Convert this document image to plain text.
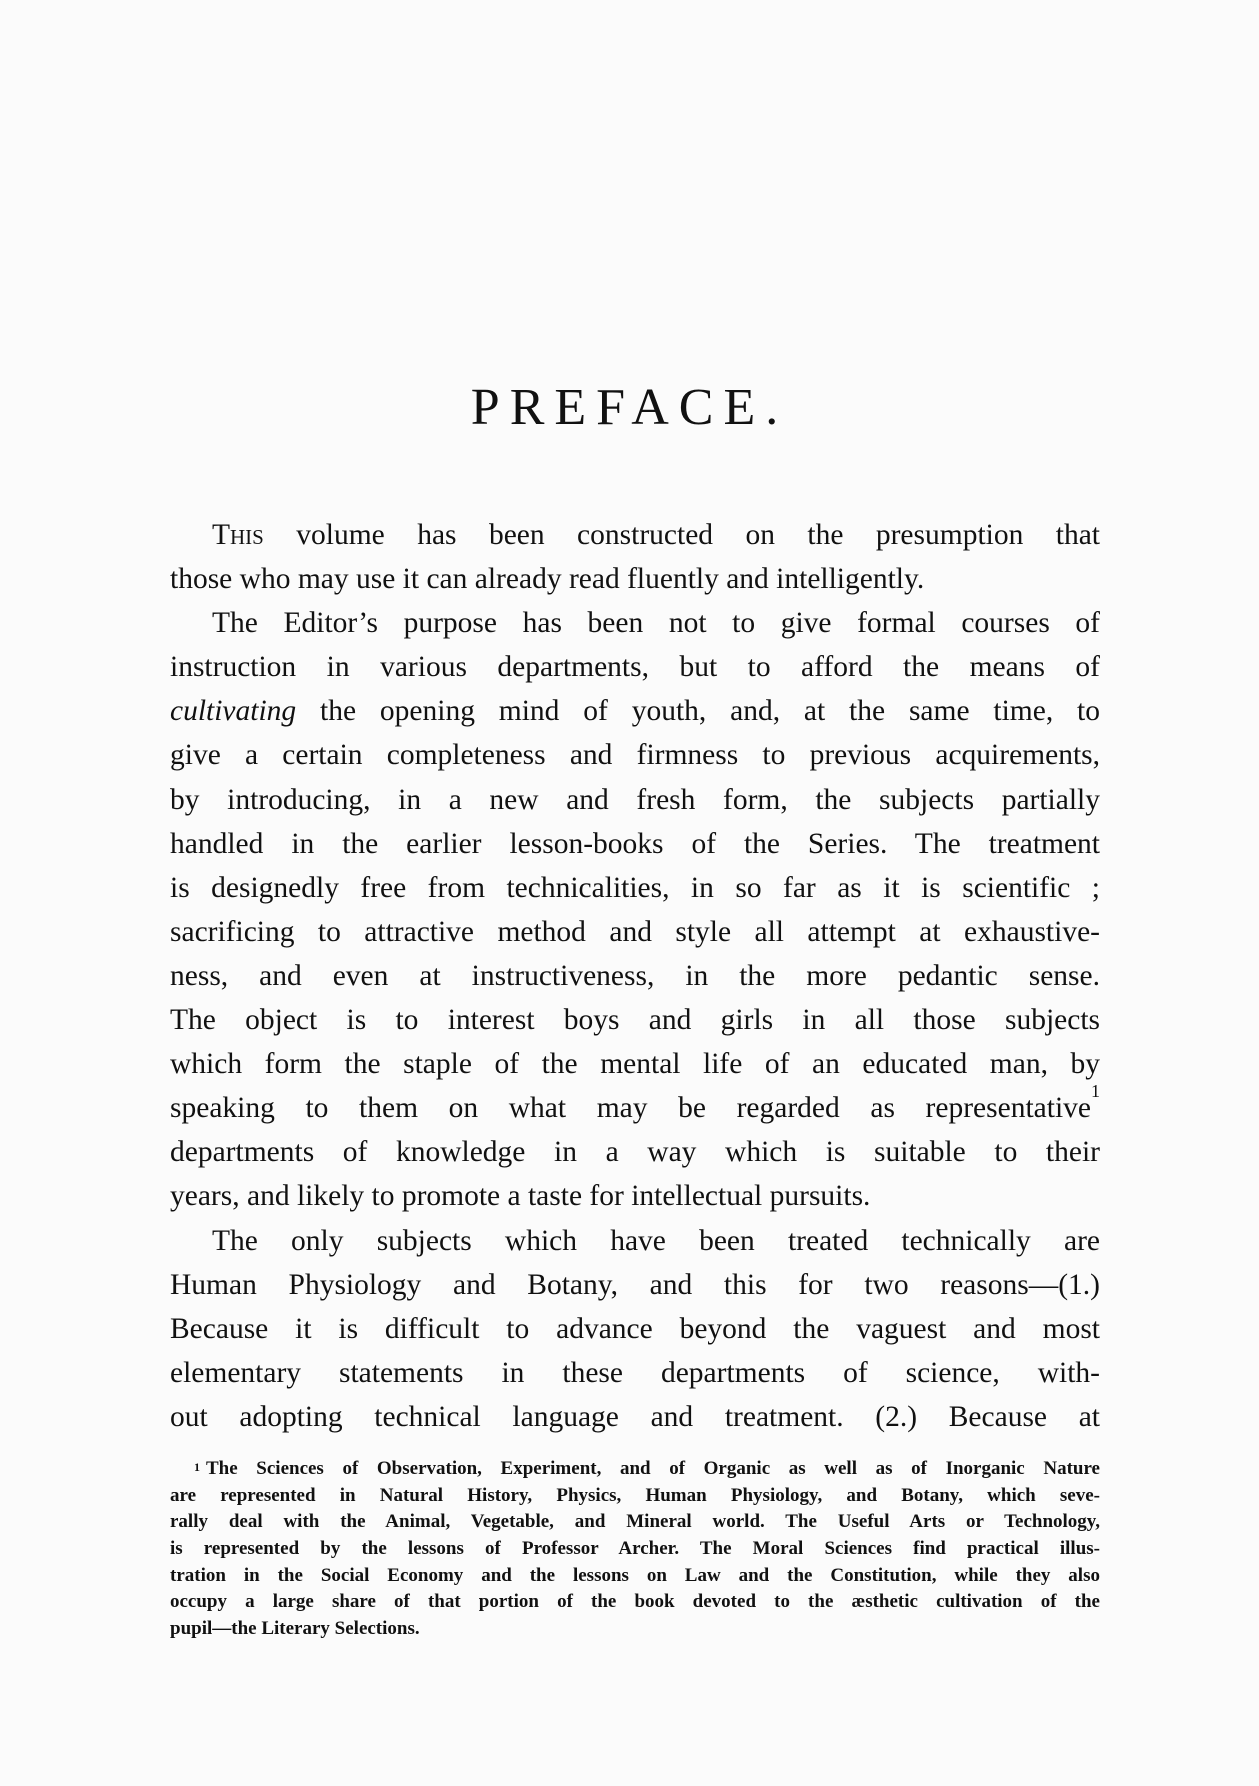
PREFACE.
This volume has been constructed on the presumption that
those who may use it can already read fluently and intelligently.
The Editor’s purpose has been not to give formal courses of
instruction in various departments, but to afford the means of
cultivating the opening mind of youth, and, at the same time, to
give a certain completeness and firmness to previous acquirements,
by introducing, in a new and fresh form, the subjects partially
handled in the earlier lesson-books of the Series. The treatment
is designedly free from technicalities, in so far as it is scientific ;
sacrificing to attractive method and style all attempt at exhaustive-
ness, and even at instructiveness, in the more pedantic sense.
The object is to interest boys and girls in all those subjects
which form the staple of the mental life of an educated man, by
speaking to them on what may be regarded as representative$^1$
departments of knowledge in a way which is suitable to their
years, and likely to promote a taste for intellectual pursuits.
The only subjects which have been treated technically are
Human Physiology and Botany, and this for two reasons—(1.)
Because it is difficult to advance beyond the vaguest and most
elementary statements in these departments of science, with-
out adopting technical language and treatment. (2.) Because at
$^1$ The Sciences of Observation, Experiment, and of Organic as well as of Inorganic Nature
are represented in Natural History, Physics, Human Physiology, and Botany, which seve-
rally deal with the Animal, Vegetable, and Mineral world. The Useful Arts or Technology,
is represented by the lessons of Professor Archer. The Moral Sciences find practical illus-
tration in the Social Economy and the lessons on Law and the Constitution, while they also
occupy a large share of that portion of the book devoted to the æsthetic cultivation of the
pupil—the Literary Selections.
